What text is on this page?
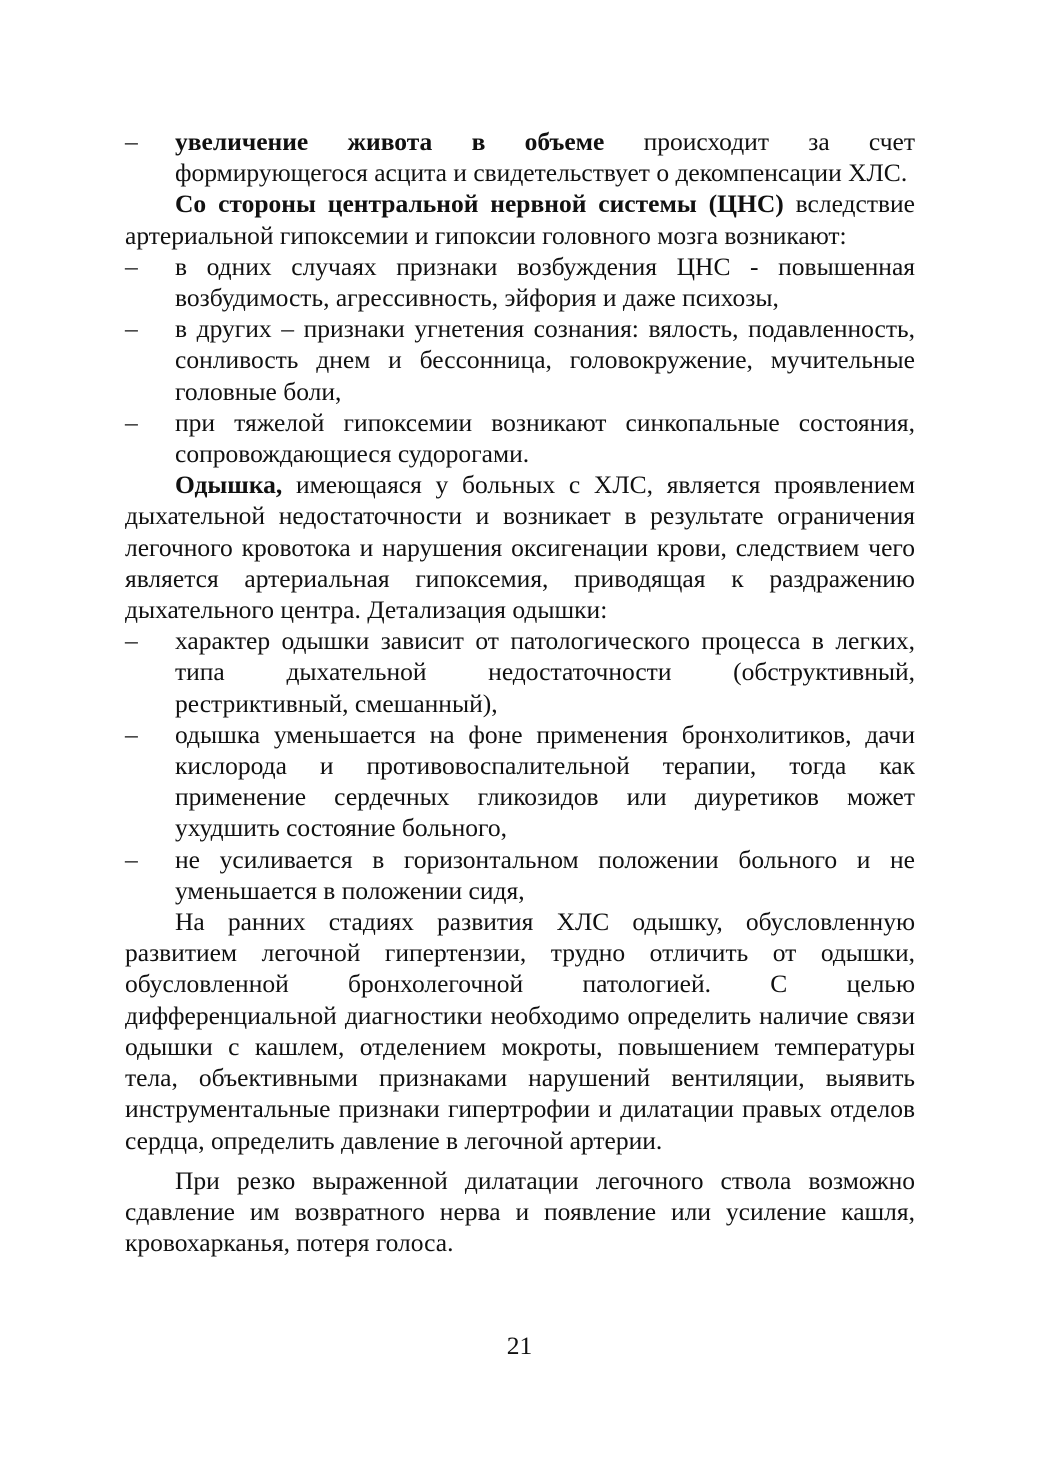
– увеличение живота в объеме происходит за счет формирующегося асцита и свидетельствует о декомпенсации ХЛС.

Со стороны центральной нервной системы (ЦНС) вследствие артериальной гипоксемии и гипоксии головного мозга возникают:

– в одних случаях признаки возбуждения ЦНС - повышенная возбудимость, агрессивность, эйфория и даже психозы,
– в других – признаки угнетения сознания: вялость, подавленность, сонливость днем и бессонница, головокружение, мучительные головные боли,
– при тяжелой гипоксемии возникают синкопальные состояния, сопровождающиеся судорогами.

Одышка, имеющаяся у больных с ХЛС, является проявлением дыхательной недостаточности и возникает в результате ограничения легочного кровотока и нарушения оксигенации крови, следствием чего является артериальная гипоксемия, приводящая к раздражению дыхательного центра. Детализация одышки:

– характер одышки зависит от патологического процесса в легких, типа дыхательной недостаточности (обструктивный, рестриктивный, смешанный),
– одышка уменьшается на фоне применения бронхолитиков, дачи кислорода и противовоспалительной терапии, тогда как применение сердечных гликозидов или диуретиков может ухудшить состояние больного,
– не усиливается в горизонтальном положении больного и не уменьшается в положении сидя,

На ранних стадиях развития ХЛС одышку, обусловленную развитием легочной гипертензии, трудно отличить от одышки, обусловленной бронхолегочной патологией. С целью дифференциальной диагностики необходимо определить наличие связи одышки с кашлем, отделением мокроты, повышением температуры тела, объективными признаками нарушений вентиляции, выявить инструментальные признаки гипертрофии и дилатации правых отделов сердца, определить давление в легочной артерии.

При резко выраженной дилатации легочного ствола возможно сдавление им возвратного нерва и появление или усиление кашля, кровохарканья, потеря голоса.

21
